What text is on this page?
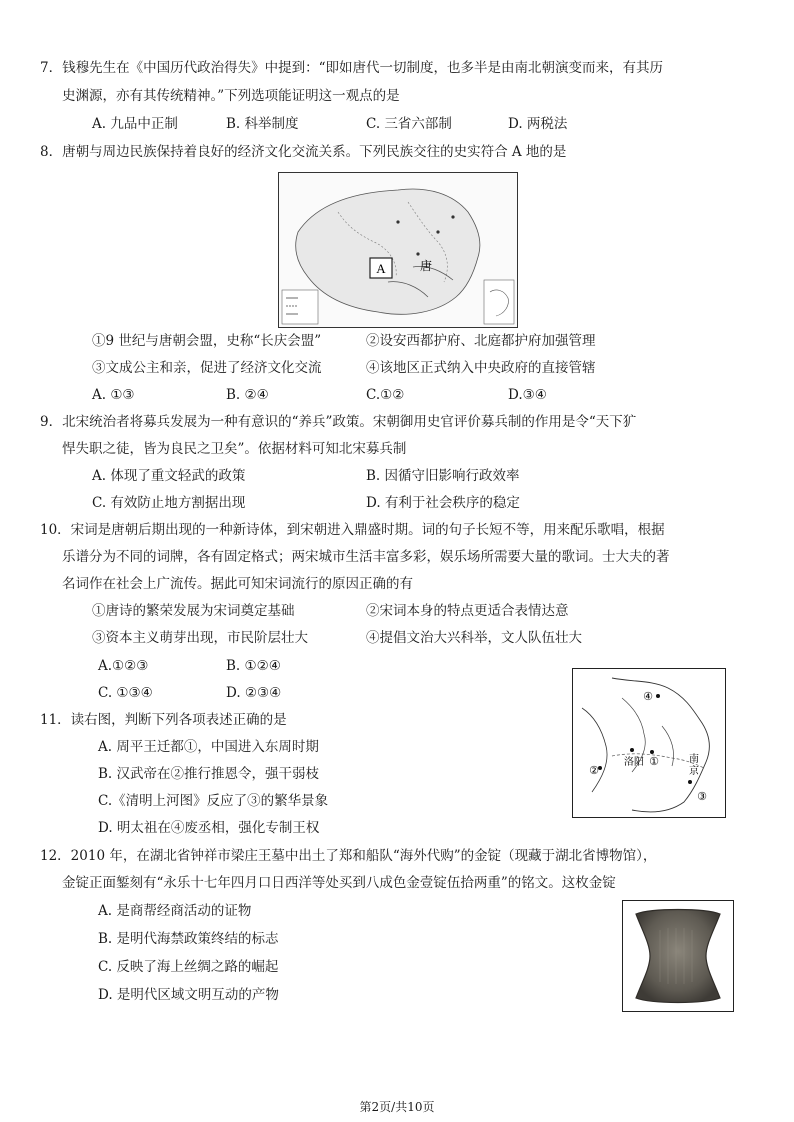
7．钱穆先生在《中国历代政治得失》中提到：“即如唐代一切制度，也多半是由南北朝演变而来，有其历
史渊源，亦有其传统精神。”下列选项能证明这一观点的是
A. 九品中正制	B. 科举制度	C. 三省六部制	D. 两税法
8．唐朝与周边民族保持着良好的经济文化交流关系。下列民族交往的史实符合 A 地的是
A	唐
①9 世纪与唐朝会盟，史称“长庆会盟”	②设安西都护府、北庭都护府加强管理
③文成公主和亲，促进了经济文化交流	④该地区正式纳入中央政府的直接管辖
A. ①③	B. ②④	C.①②	D.③④
9．北宋统治者将募兵发展为一种有意识的“养兵”政策。宋朝御用史官评价募兵制的作用是令“天下犷
悍失职之徒，皆为良民之卫矣”。依据材料可知北宋募兵制
A. 体现了重文轻武的政策	B. 因循守旧影响行政效率
C. 有效防止地方割据出现	D. 有利于社会秩序的稳定
10．宋词是唐朝后期出现的一种新诗体，到宋朝进入鼎盛时期。词的句子长短不等，用来配乐歌唱，根据
乐谱分为不同的词牌，各有固定格式；两宋城市生活丰富多彩，娱乐场所需要大量的歌词。士大夫的著
名词作在社会上广流传。据此可知宋词流行的原因正确的有
①唐诗的繁荣发展为宋词奠定基础	②宋词本身的特点更适合表情达意
③资本主义萌芽出现，市民阶层壮大	④提倡文治大兴科举，文人队伍壮大
A.①②③	B. ①②④
C. ①③④	D. ②③④	④
洛阳 ①
②
南
京
③
11．读右图，判断下列各项表述正确的是
A. 周平王迁都①，中国进入东周时期
B. 汉武帝在②推行推恩令，强干弱枝
C.《清明上河图》反应了③的繁华景象
D. 明太祖在④废丞相，强化专制王权
12．2010 年，在湖北省钟祥市梁庄王墓中出土了郑和船队“海外代购”的金锭（现藏于湖北省博物馆），
金锭正面錾刻有“永乐十七年四月口日西洋等处买到八成色金壹锭伍拾两重”的铭文。这枚金锭
A. 是商帮经商活动的证物
B. 是明代海禁政策终结的标志
C. 反映了海上丝绸之路的崛起
D. 是明代区域文明互动的产物
第2页/共10页
